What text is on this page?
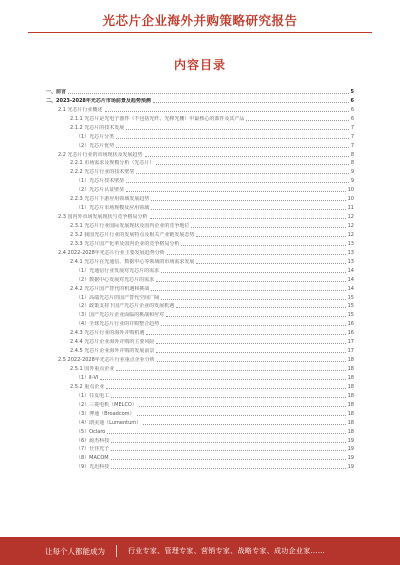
光芯片企业海外并购策略研究报告
内容目录
一、前言	5
二、2023-2028年光芯片市场前景及趋势预测	6
2.1 光芯片行业概述	6
2.1.1 光芯片是光电子器件（不包括光纤、光棒光栅）中最核心的部件及其产品	6
2.1.2 光芯片的技术发展	7
（1）光芯片分类	7
（2）光芯片优势	7
2.2 光芯片行业的市场现状及发展趋势	8
2.2.1 市场需求及规模分析（光芯片）	8
2.2.2 光芯片行业的技术壁垒	9
（1）光芯片技术壁垒	9
（2）光芯片认证壁垒	10
2.2.3 光芯片下游应用领域发展趋势	10
（1）光芯片市场规模及应用领域	11
2.3 国内外市场发展现状与竞争格局分析	12
2.3.1 光芯片行业国际发展现状及国内企业的竞争地位	12
2.3.2 我国光芯片行业的发展特点及相关产业链发展态势	12
2.3.3 光芯片国产化率及国内企业的竞争格局分析	13
2.4 2022-2028年光芯片行业主要发展趋势分析	13
2.4.1 光芯片在光通信、数据中心等领域的市场需求发展	13
（1）光通信行业发展对光芯片的需求	14
（2）数据中心发展对光芯片的需求	14
2.4.2 光芯片国产替代的机遇和挑战	14
（1）高端光芯片的国产替代空间广阔	15
（2）政策支持下国产光芯片企业的发展机遇	15
（3）国产光芯片企业面临的挑战和应对	15
（4）全球光芯片行业的并购整合趋势	16
2.4.3 光芯片行业的海外并购机遇	16
2.4.4 光芯片企业海外并购的主要风险	17
2.4.5 光芯片企业海外并购的发展前景	17
2.5 2022-2028年光芯片行业重点企业分析	18
2.5.1 国外重点企业	18
（1）Ⅱ-Ⅵ	18
2.5.2 重点企业	18
（1）住友电工	18
（2）三菱电机（MELCO）	18
（3）博通（Broadcom）	18
（4）朗美通（Lumentum）	18
（5）Oclaro	18
（6）源杰科技	19
（7）仕佳光子	19
（8）MACOM	19
（9）光迅科技	19
让每个人都能成为	行业专家、管理专家、营销专家、战略专家、成功企业家……
